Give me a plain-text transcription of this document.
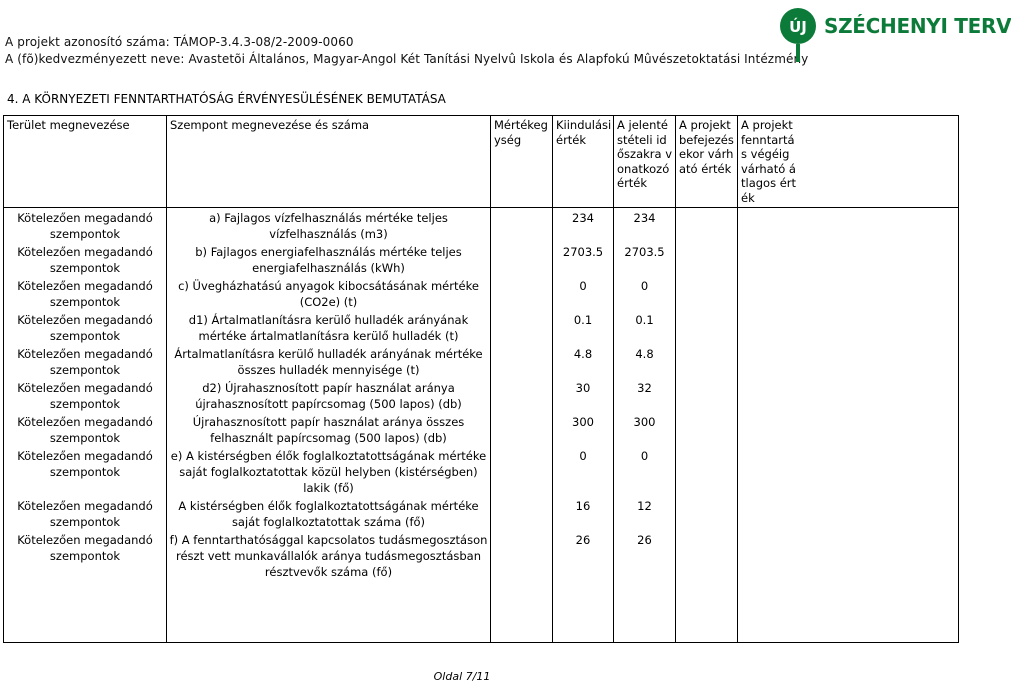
A projekt azonosító száma: TÁMOP-3.4.3-08/2-2009-0060
A (fõ)kedvezményezett neve: Avastetõi Általános, Magyar-Angol Két Tanítási Nyelvû Iskola és Alapfokú Mûvészetoktatási Intézmény
ÚJ SZÉCHENYI TERV
4. A KÖRNYEZETI FENNTARTHATÓSÁG ÉRVÉNYESÜLÉSÉNEK BEMUTATÁSA
Terület megnevezése	Szempont megnevezése és száma	Mértékegység	Kiindulási érték	A jelentéstételi időszakra vonatkozó érték	A projekt befejezésekor várható érték	A projekt fenntartás végéig várható átlagos érték

Kötelezően megadandó szempontok	a) Fajlagos vízfelhasználás mértéke teljes vízfelhasználás (m3)		234	234		
Kötelezően megadandó szempontok	b) Fajlagos energiafelhasználás mértéke teljes energiafelhasználás (kWh)		2703.5	2703.5		
Kötelezően megadandó szempontok	c) Üvegházhatású anyagok kibocsátásának mértéke (CO2e) (t)		0	0		
Kötelezően megadandó szempontok	d1) Ártalmatlanításra kerülő hulladék arányának mértéke ártalmatlanításra kerülő hulladék (t)		0.1	0.1		
Kötelezően megadandó szempontok	Ártalmatlanításra kerülő hulladék arányának mértéke összes hulladék mennyisége (t)		4.8	4.8		
Kötelezően megadandó szempontok	d2) Újrahasznosított papír használat aránya újrahasznosított papírcsomag (500 lapos) (db)		30	32		
Kötelezően megadandó szempontok	Újrahasznosított papír használat aránya összes felhasznált papírcsomag (500 lapos) (db)		300	300		
Kötelezően megadandó szempontok	e) A kistérségben élők foglalkoztatottságának mértéke saját foglalkoztatottak közül helyben (kistérségben) lakik (fő)		0	0		
Kötelezően megadandó szempontok	A kistérségben élők foglalkoztatottságának mértéke saját foglalkoztatottak száma (fő)		16	12		
Kötelezően megadandó szempontok	f) A fenntarthatósággal kapcsolatos tudásmegosztáson részt vett munkavállalók aránya tudásmegosztásban résztvevők száma (fő)		26	26		

Oldal 7/11
